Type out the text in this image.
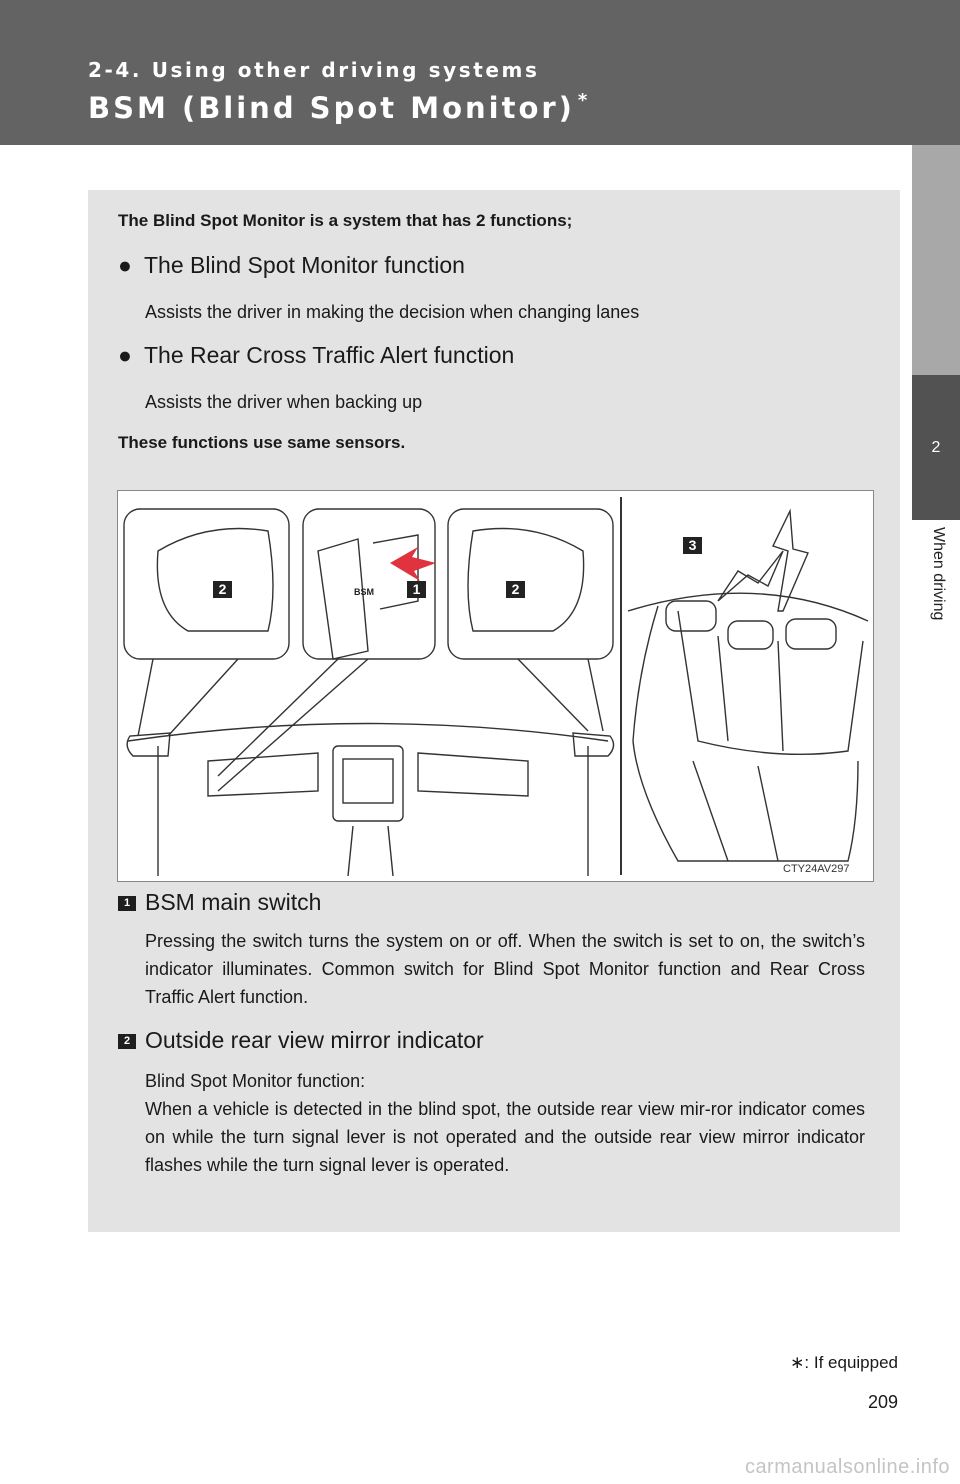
2-4. Using other driving systems
BSM (Blind Spot Monitor) *
2
When driving
The Blind Spot Monitor is a system that has 2 functions;
● The Blind Spot Monitor function
Assists the driver in making the decision when changing lanes
● The Rear Cross Traffic Alert function
Assists the driver when backing up
These functions use same sensors.
BSM
2	1	2
3
CTY24AV297
1 BSM main switch
Pressing the switch turns the system on or off. When the switch is set to on, the switch’s indicator illuminates. Common switch for Blind Spot Monitor function and Rear Cross Traffic Alert function.
2 Outside rear view mirror indicator
Blind Spot Monitor function:
When a vehicle is detected in the blind spot, the outside rear view mir-ror indicator comes on while the turn signal lever is not operated and the outside rear view mirror indicator flashes while the turn signal lever is operated.
∗: If equipped
209
carmanualsonline.info
